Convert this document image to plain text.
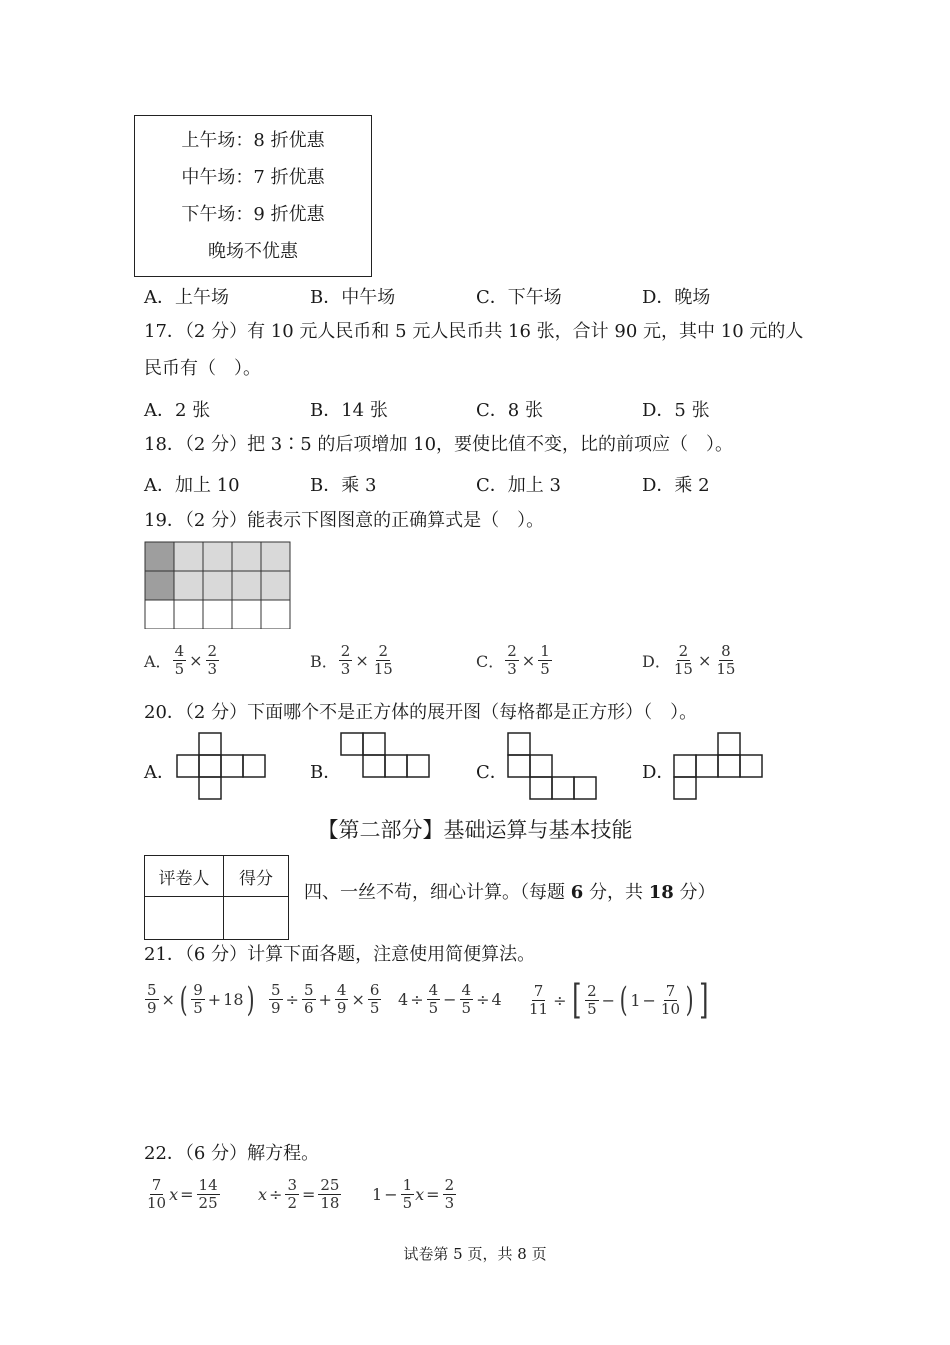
上午场：8 折优惠
中午场：7 折优惠
下午场：9 折优惠
晚场不优惠
A．上午场	B．中午场	C．下午场	D．晚场
17．（2 分）有 10 元人民币和 5 元人民币共 16 张，合计 90 元，其中 10 元的人
民币有（　）。
A．2 张	B．14 张	C．8 张	D．5 张
18．（2 分）把 3∶5 的后项增加 10，要使比值不变，比的前项应（　）。
A．加上 10	B．乘 3	C．加上 3	D．乘 2
19．（2 分）能表示下图图意的正确算式是（　）。
A． $\frac{4}{5} \times \frac{2}{3}$	B． $\frac{2}{3} \times \frac{2}{15}$	C． $\frac{2}{3} \times \frac{1}{5}$	D． $\frac{2}{15} \times \frac{8}{15}$
20．（2 分）下面哪个不是正方体的展开图（每格都是正方形）（　）。
A．	B．	C．	D．
【第二部分】基础运算与基本技能
评卷人	得分

四、一丝不苟，细心计算。（每题 6 分，共 18 分）
21．（6 分）计算下面各题，注意使用简便算法。
$\frac{5}{9}$ × ( $\frac{9}{5} + 18$ ) $\frac{5}{9} \div \frac{5}{6} + \frac{4}{9} \times \frac{6}{5} 4 \div \frac{4}{5} - \frac{4}{5} \div 4 \frac{7}{11}$ ÷ [ $\frac{2}{5}$ − ( $1 - \frac{7}{10}$ ) ]
22．（6 分）解方程。
$\frac{7}{10}$ $x = \frac{14}{25}$ $x \div \frac{3}{2} = \frac{25}{18} 1 - \frac{1}{5}$ $x = \frac{2}{3}$
试卷第 5 页，共 8 页
